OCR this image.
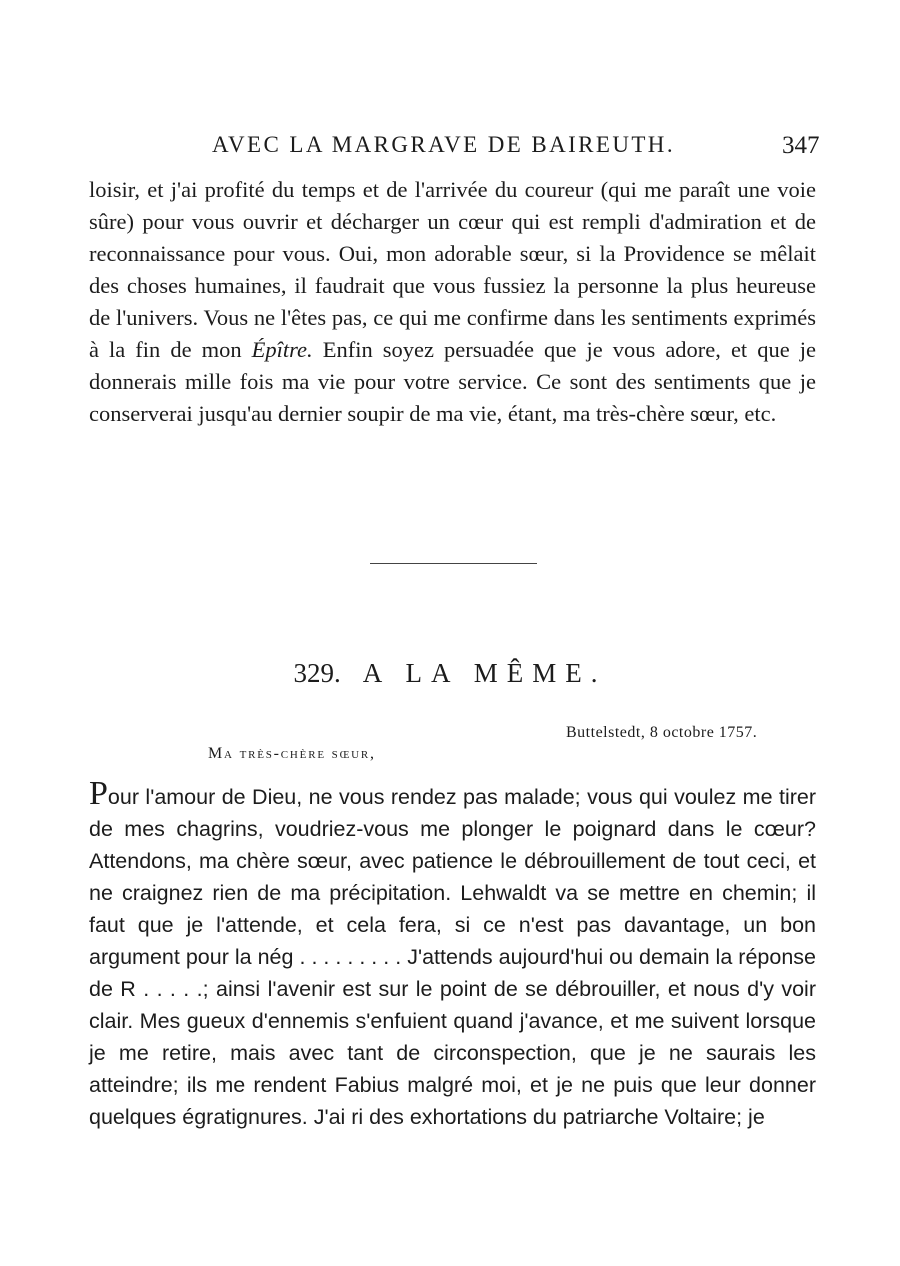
AVEC LA MARGRAVE DE BAIREUTH.	347

loisir, et j'ai profité du temps et de l'arrivée du coureur (qui me paraît une voie sûre) pour vous ouvrir et décharger un cœur qui est rempli d'admiration et de reconnaissance pour vous. Oui, mon adorable sœur, si la Providence se mêlait des choses humaines, il faudrait que vous fussiez la personne la plus heureuse de l'univers. Vous ne l'êtes pas, ce qui me confirme dans les sentiments exprimés à la fin de mon Épître. Enfin soyez persuadée que je vous adore, et que je donnerais mille fois ma vie pour votre service. Ce sont des sentiments que je conserverai jusqu'au dernier soupir de ma vie, étant, ma très-chère sœur, etc.

329. A LA MÊME.
Buttelstedt, 8 octobre 1757.
Ma très-chère sœur,

Pour l'amour de Dieu, ne vous rendez pas malade; vous qui voulez me tirer de mes chagrins, voudriez-vous me plonger le poignard dans le cœur? Attendons, ma chère sœur, avec patience le débrouillement de tout ceci, et ne craignez rien de ma précipitation. Lehwaldt va se mettre en chemin; il faut que je l'attende, et cela fera, si ce n'est pas davantage, un bon argument pour la nég . . . . . . . . . J'attends aujourd'hui ou demain la réponse de R . . . . .; ainsi l'avenir est sur le point de se débrouiller, et nous d'y voir clair. Mes gueux d'ennemis s'enfuient quand j'avance, et me suivent lorsque je me retire, mais avec tant de circonspection, que je ne saurais les atteindre; ils me rendent Fabius malgré moi, et je ne puis que leur donner quelques égratignures. J'ai ri des exhortations du patriarche Voltaire; je
